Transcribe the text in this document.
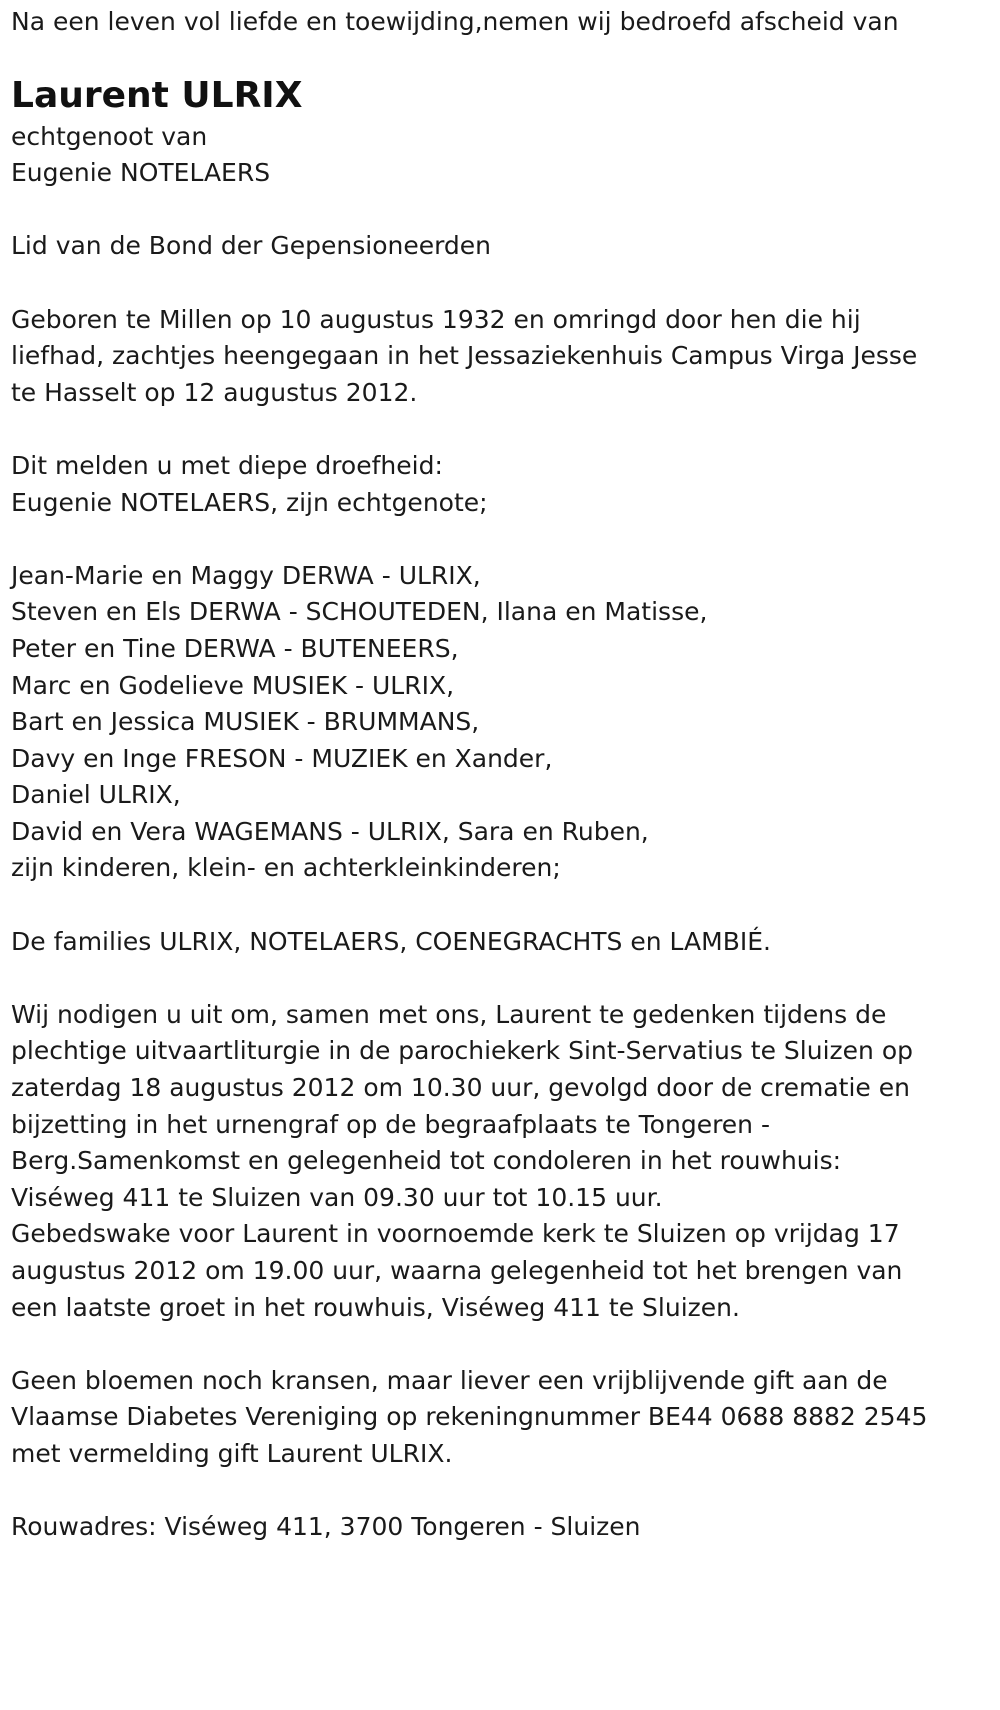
Na een leven vol liefde en toewijding,nemen wij bedroefd afscheid van
Laurent ULRIX
echtgenoot van
Eugenie NOTELAERS
Lid van de Bond der Gepensioneerden
Geboren te Millen op 10 augustus 1932 en omringd door hen die hij
liefhad, zachtjes heengegaan in het Jessaziekenhuis Campus Virga Jesse
te Hasselt op 12 augustus 2012.
Dit melden u met diepe droefheid:
Eugenie NOTELAERS, zijn echtgenote;
Jean-Marie en Maggy DERWA - ULRIX,
Steven en Els DERWA - SCHOUTEDEN, Ilana en Matisse,
Peter en Tine DERWA - BUTENEERS,
Marc en Godelieve MUSIEK - ULRIX,
Bart en Jessica MUSIEK - BRUMMANS,
Davy en Inge FRESON - MUZIEK en Xander,
Daniel ULRIX,
David en Vera WAGEMANS - ULRIX, Sara en Ruben,
zijn kinderen, klein- en achterkleinkinderen;
De families ULRIX, NOTELAERS, COENEGRACHTS en LAMBIÉ.
Wij nodigen u uit om, samen met ons, Laurent te gedenken tijdens de
plechtige uitvaartliturgie in de parochiekerk Sint-Servatius te Sluizen op
zaterdag 18 augustus 2012 om 10.30 uur, gevolgd door de crematie en
bijzetting in het urnengraf op de begraafplaats te Tongeren -
Berg.Samenkomst en gelegenheid tot condoleren in het rouwhuis:
Viséweg 411 te Sluizen van 09.30 uur tot 10.15 uur.
Gebedswake voor Laurent in voornoemde kerk te Sluizen op vrijdag 17
augustus 2012 om 19.00 uur, waarna gelegenheid tot het brengen van
een laatste groet in het rouwhuis, Viséweg 411 te Sluizen.
Geen bloemen noch kransen, maar liever een vrijblijvende gift aan de
Vlaamse Diabetes Vereniging op rekeningnummer BE44 0688 8882 2545
met vermelding gift Laurent ULRIX.
Rouwadres: Viséweg 411, 3700 Tongeren - Sluizen
